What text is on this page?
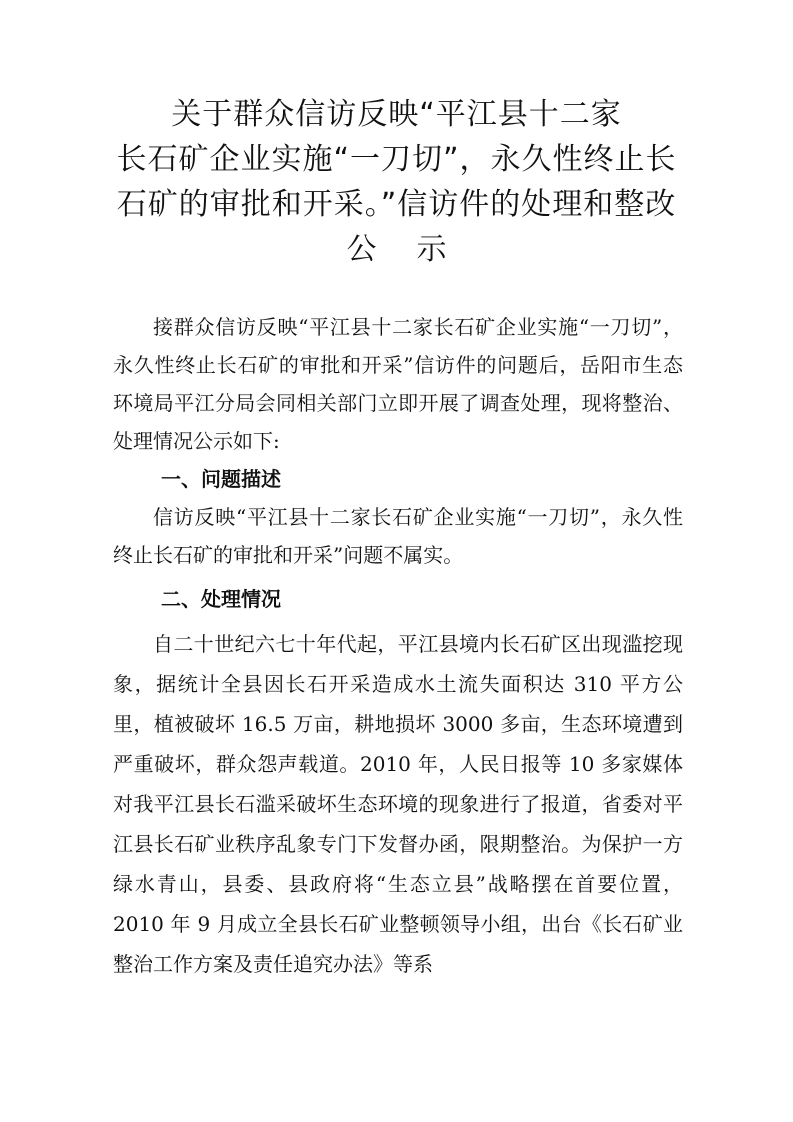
关于群众信访反映“平江县十二家
长石矿企业实施“一刀切”，永久性终止长
石矿的审批和开采。”信访件的处理和整改
公示

接群众信访反映“平江县十二家长石矿企业实施“一刀切”，永久性终止长石矿的审批和开采”信访件的问题后，岳阳市生态环境局平江分局会同相关部门立即开展了调查处理，现将整治、处理情况公示如下:

一、问题描述

信访反映“平江县十二家长石矿企业实施“一刀切”，永久性终止长石矿的审批和开采”问题不属实。

二、处理情况

自二十世纪六七十年代起，平江县境内长石矿区出现滥挖现象，据统计全县因长石开采造成水土流失面积达 310 平方公里，植被破坏 16.5 万亩，耕地损坏 3000 多亩，生态环境遭到严重破坏，群众怨声载道。2010 年，人民日报等 10 多家媒体对我平江县长石滥采破坏生态环境的现象进行了报道，省委对平江县长石矿业秩序乱象专门下发督办函，限期整治。为保护一方绿水青山，县委、县政府将“生态立县”战略摆在首要位置，2010 年 9 月成立全县长石矿业整顿领导小组，出台《长石矿业整治工作方案及责任追究办法》等系
